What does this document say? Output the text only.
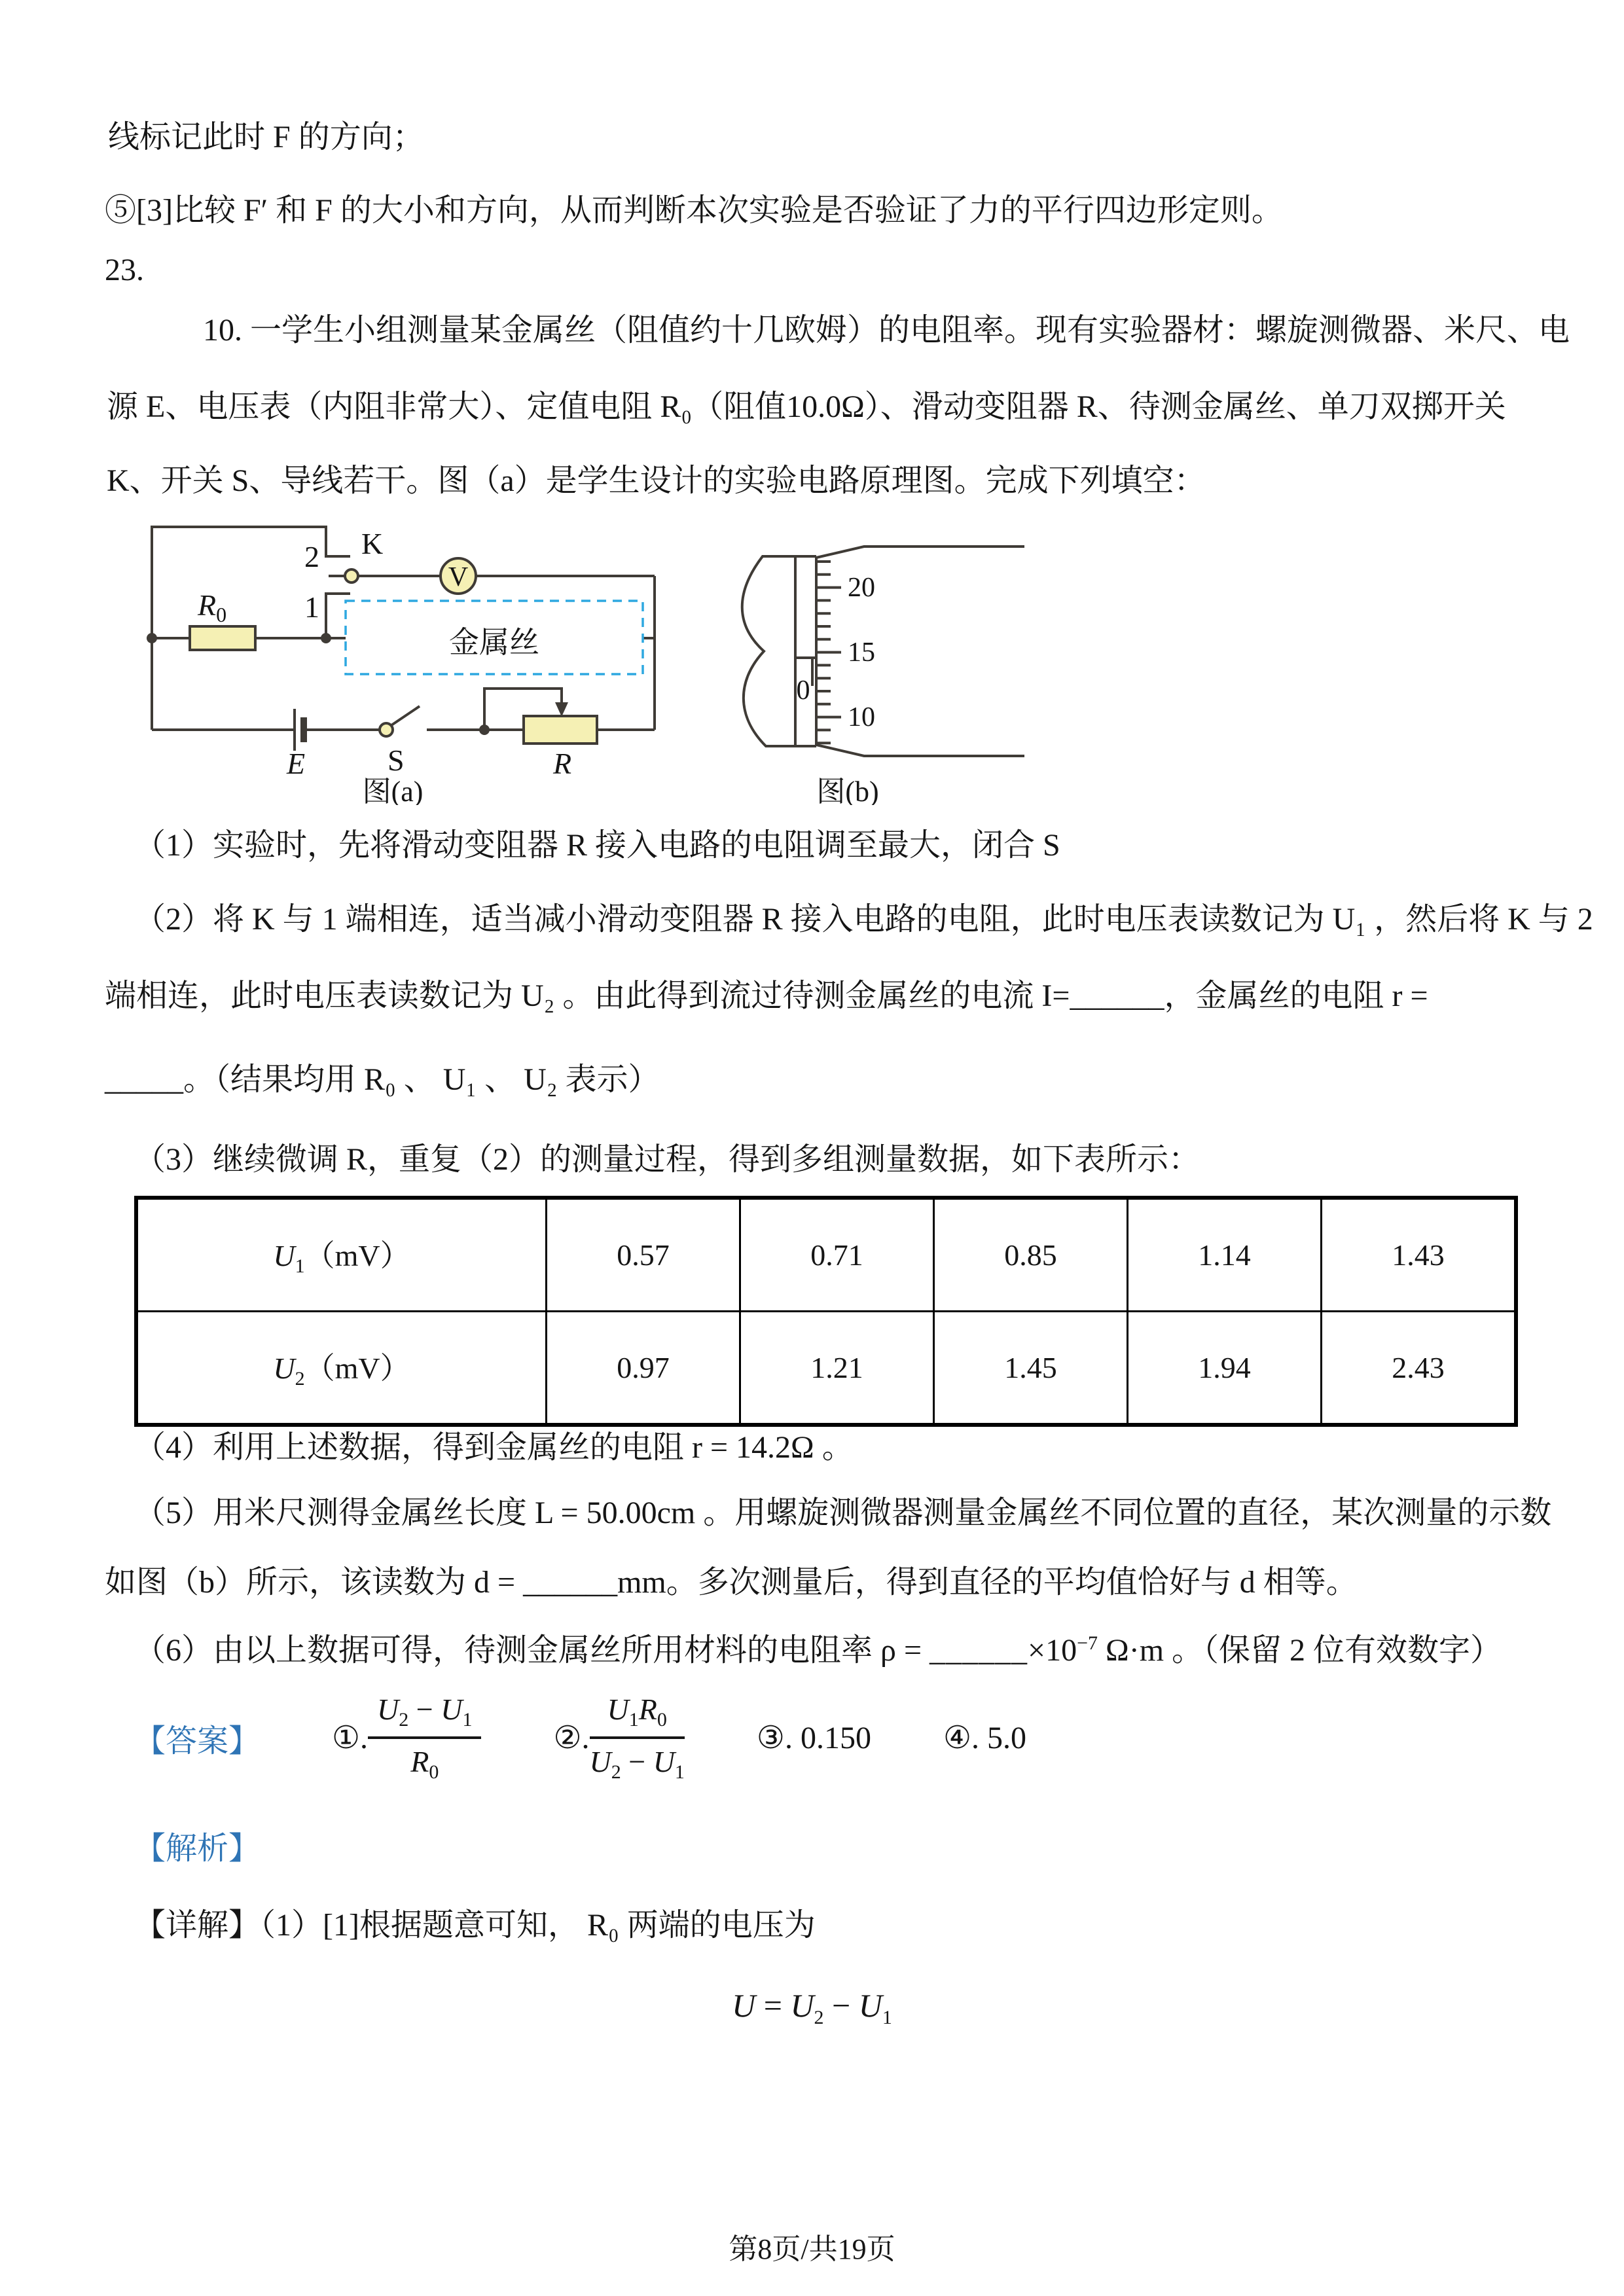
线标记此时 F 的方向；
⑤[3]比较 F′ 和 F 的大小和方向，从而判断本次实验是否验证了力的平行四边形定则。
23.
10. 一学生小组测量某金属丝（阻值约十几欧姆）的电阻率。现有实验器材：螺旋测微器、米尺、电
源 E、电压表（内阻非常大）、定值电阻 R₀（阻值10.0Ω）、滑动变阻器 R、待测金属丝、单刀双掷开关
K、开关 S、导线若干。图（a）是学生设计的实验电路原理图。完成下列填空：
2
1
K
V
$R_0$
金属丝
E	S	R
图(a)
20
15
10
0
图(b)
（1）实验时，先将滑动变阻器 R 接入电路的电阻调至最大，闭合 S
（2）将 K 与 1 端相连，适当减小滑动变阻器 R 接入电路的电阻，此时电压表读数记为 U₁ ，然后将 K 与 2
端相连，此时电压表读数记为 U₂ 。由此得到流过待测金属丝的电流 I=______，金属丝的电阻 r =
_____。（结果均用 R₀ 、 U₁ 、 U₂ 表示）
（3）继续微调 R，重复（2）的测量过程，得到多组测量数据，如下表所示：
$U_1(mV)$	0.57	0.71	0.85	1.14	1.43
$U_2(mV)$	0.97	1.21	1.45	1.94	2.43
（4）利用上述数据，得到金属丝的电阻 r = 14.2Ω 。
（5）用米尺测得金属丝长度 L = 50.00cm 。用螺旋测微器测量金属丝不同位置的直径，某次测量的示数
如图（b）所示，该读数为 d = ______mm。多次测量后，得到直径的平均值恰好与 d 相等。
（6）由以上数据可得，待测金属丝所用材料的电阻率 $\rho = \_\_\_\_\_\_\times 10^{-7}$ Ω·m 。（保留 2 位有效数字）
【答案】 ①. $\frac{U_2 - U_1}{R_0}$ ②. $\frac{U_1R_0}{U_2 - U_1}$ ③. 0.150 ④. 5.0
【解析】
【详解】（1）[1]根据题意可知， R₀ 两端的电压为
$U = U_2 - U_1$
第8页/共19页
